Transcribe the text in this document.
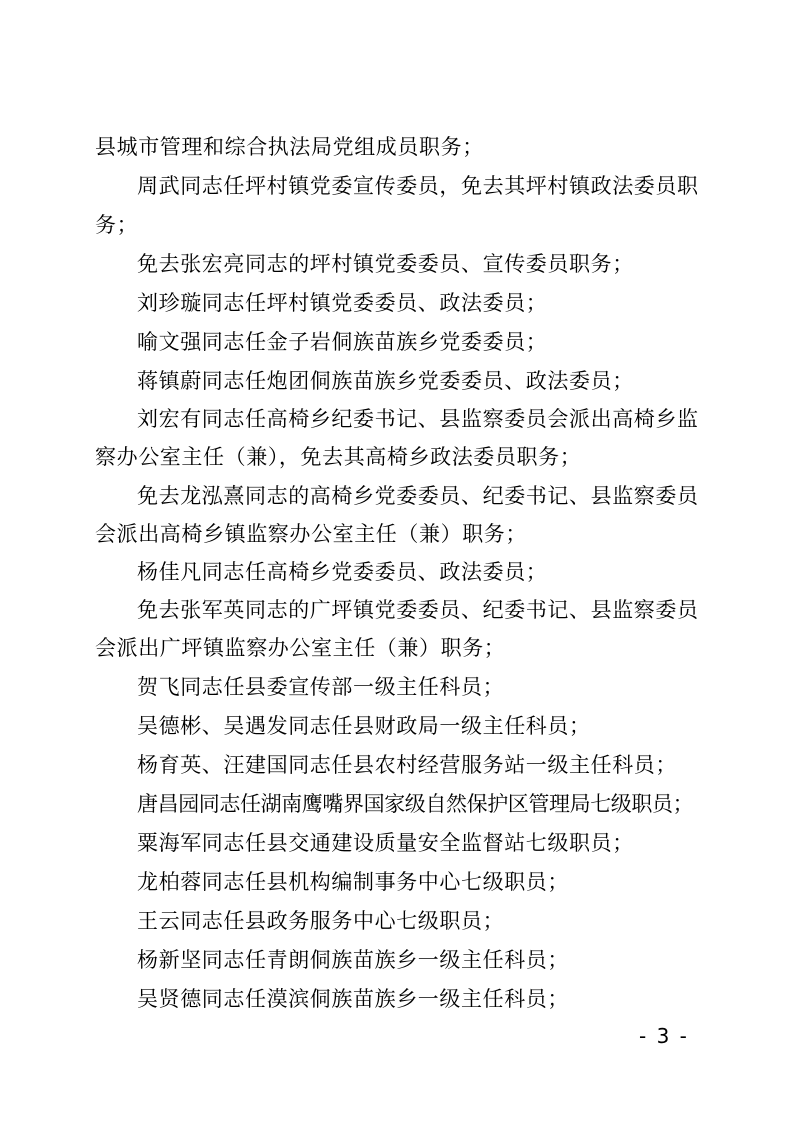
县城市管理和综合执法局党组成员职务；
周武同志任坪村镇党委宣传委员，免去其坪村镇政法委员职
务；
免去张宏亮同志的坪村镇党委委员、宣传委员职务；
刘珍璇同志任坪村镇党委委员、政法委员；
喻文强同志任金子岩侗族苗族乡党委委员；
蒋镇蔚同志任炮团侗族苗族乡党委委员、政法委员；
刘宏有同志任高椅乡纪委书记、县监察委员会派出高椅乡监
察办公室主任（兼），免去其高椅乡政法委员职务；
免去龙泓熹同志的高椅乡党委委员、纪委书记、县监察委员
会派出高椅乡镇监察办公室主任（兼）职务；
杨佳凡同志任高椅乡党委委员、政法委员；
免去张军英同志的广坪镇党委委员、纪委书记、县监察委员
会派出广坪镇监察办公室主任（兼）职务；
贺飞同志任县委宣传部一级主任科员；
吴德彬、吴遇发同志任县财政局一级主任科员；
杨育英、汪建国同志任县农村经营服务站一级主任科员；
唐昌园同志任湖南鹰嘴界国家级自然保护区管理局七级职员；
粟海军同志任县交通建设质量安全监督站七级职员；
龙柏蓉同志任县机构编制事务中心七级职员；
王云同志任县政务服务中心七级职员；
杨新坚同志任青朗侗族苗族乡一级主任科员；
吴贤德同志任漠滨侗族苗族乡一级主任科员；
- 3 -
